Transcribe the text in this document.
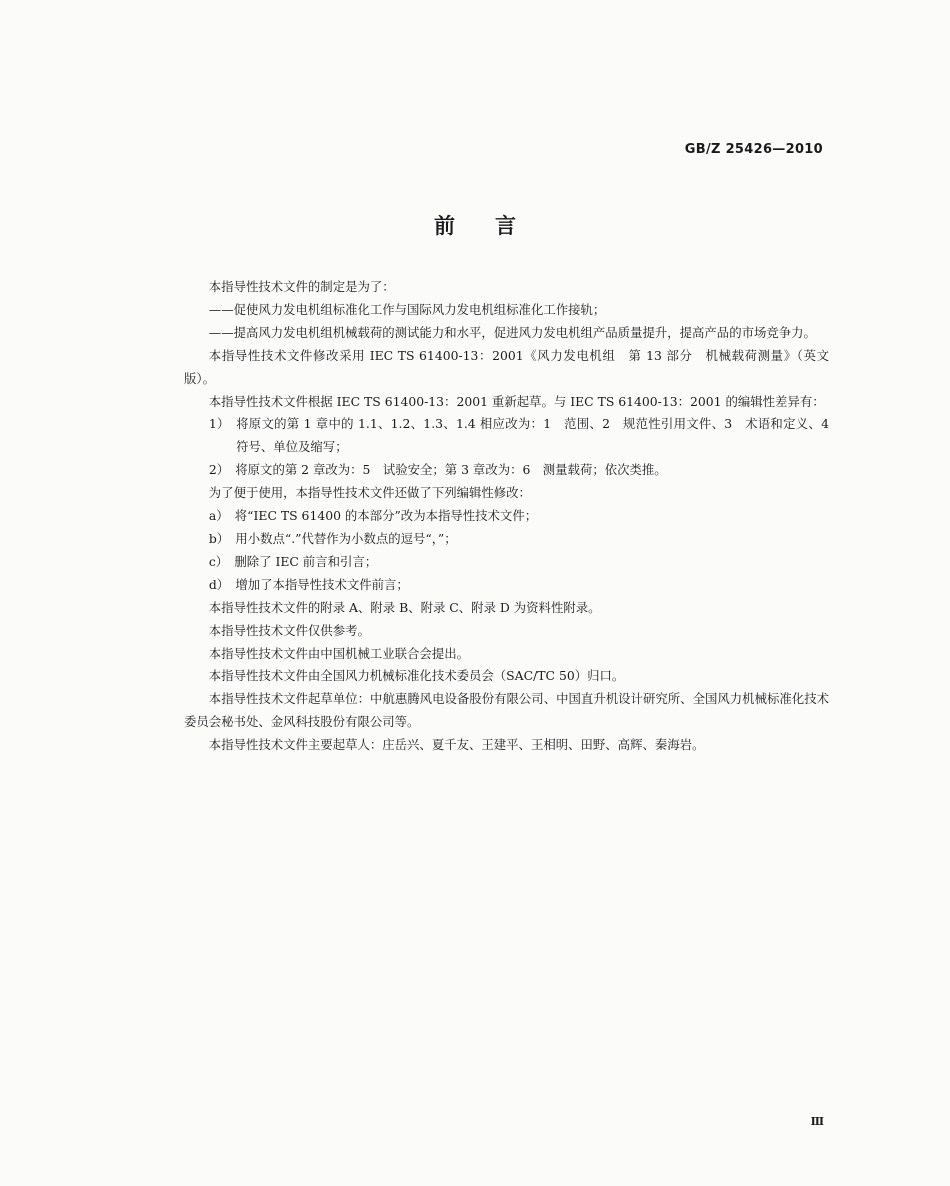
GB/Z 25426—2010
前言

本指导性技术文件的制定是为了：

——促使风力发电机组标准化工作与国际风力发电机组标准化工作接轨；

——提高风力发电机组机械载荷的测试能力和水平，促进风力发电机组产品质量提升，提高产品的市场竞争力。

本指导性技术文件修改采用 IEC TS 61400-13：2001《风力发电机组　第 13 部分　机械载荷测量》（英文版）。

本指导性技术文件根据 IEC TS 61400-13：2001 重新起草。与 IEC TS 61400-13：2001 的编辑性差异有：

1）　将原文的第 1 章中的 1.1、1.2、1.3、1.4 相应改为：1　范围、2　规范性引用文件、3　术语和定义、4　符号、单位及缩写；

2）　将原文的第 2 章改为：5　试验安全；第 3 章改为：6　测量载荷；依次类推。

为了便于使用，本指导性技术文件还做了下列编辑性修改：

a）　将“IEC TS 61400 的本部分”改为本指导性技术文件；

b）　用小数点“.”代替作为小数点的逗号“，”；

c）　删除了 IEC 前言和引言；

d）　增加了本指导性技术文件前言；

本指导性技术文件的附录 A、附录 B、附录 C、附录 D 为资料性附录。

本指导性技术文件仅供参考。

本指导性技术文件由中国机械工业联合会提出。

本指导性技术文件由全国风力机械标准化技术委员会（SAC/TC 50）归口。

本指导性技术文件起草单位：中航惠腾风电设备股份有限公司、中国直升机设计研究所、全国风力机械标准化技术委员会秘书处、金风科技股份有限公司等。

本指导性技术文件主要起草人：庄岳兴、夏千友、王建平、王相明、田野、高辉、秦海岩。

Ⅲ
